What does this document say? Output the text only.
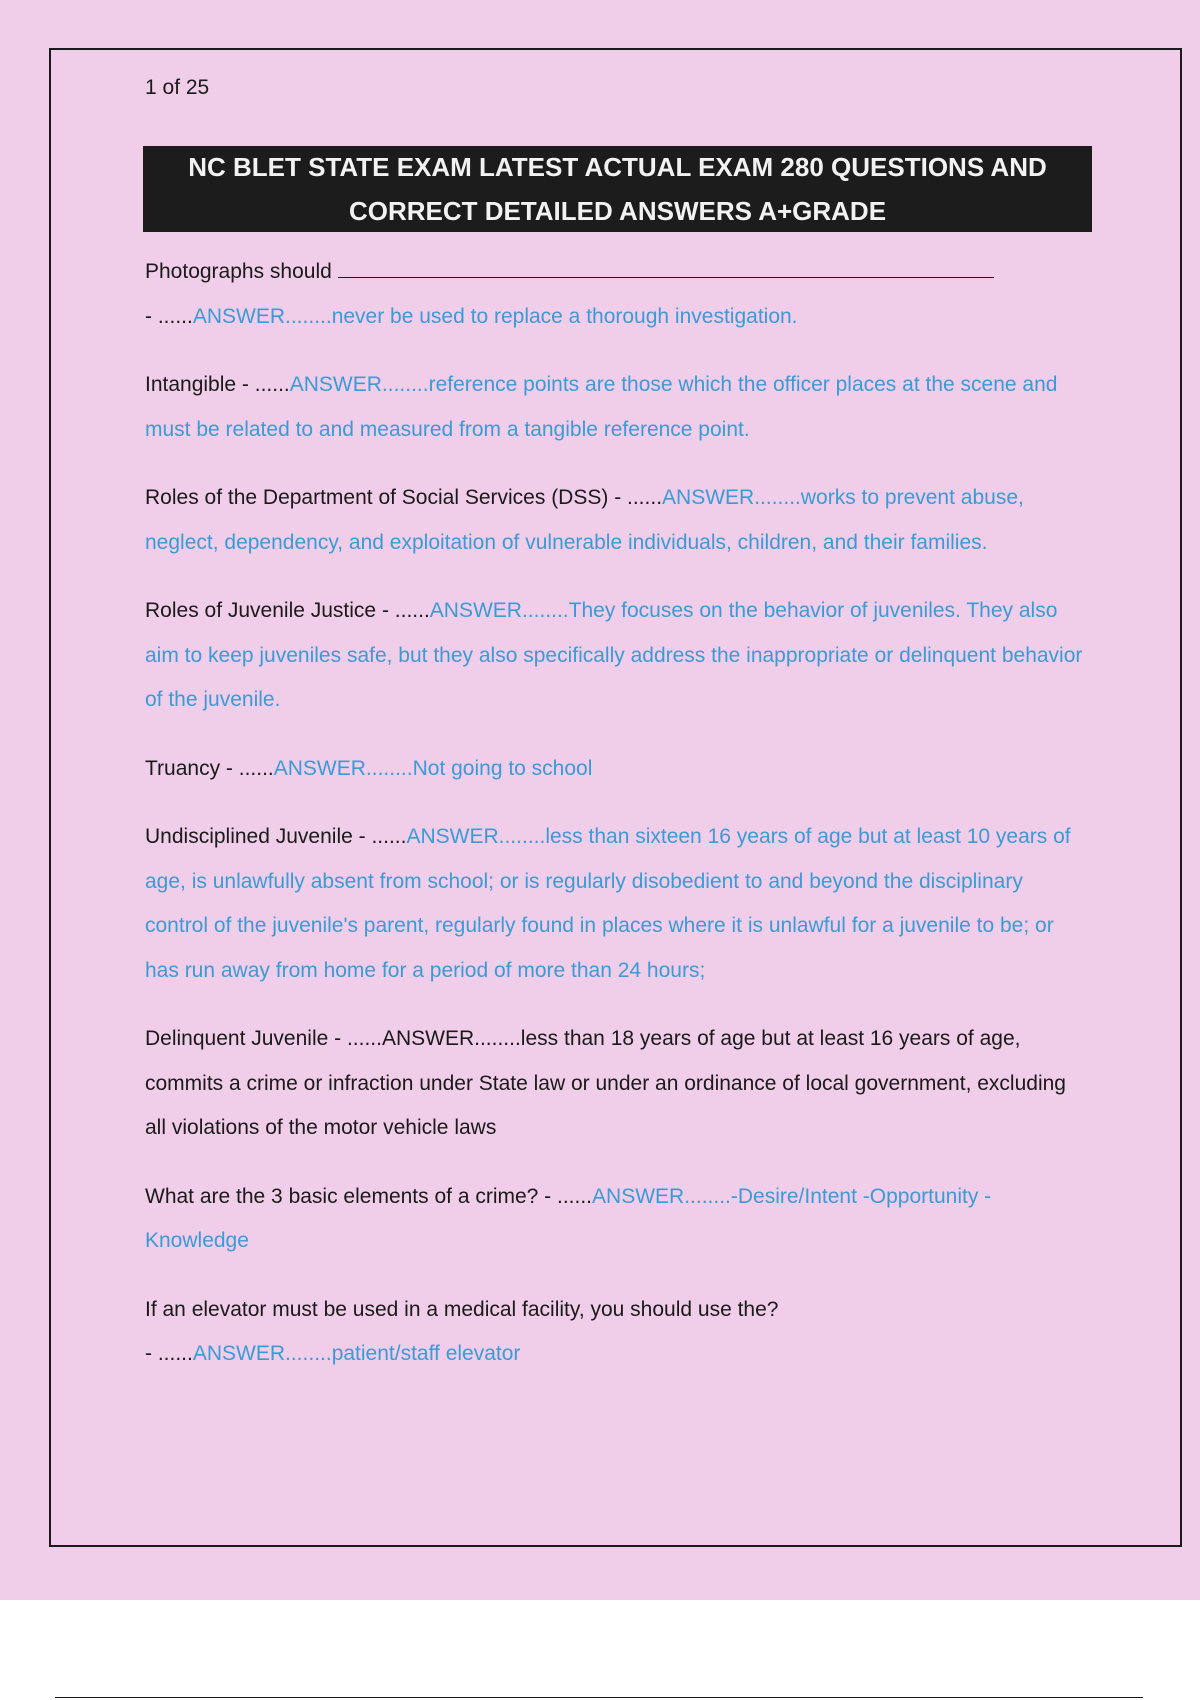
1 of 25
NC BLET STATE EXAM LATEST ACTUAL EXAM 280 QUESTIONS AND
CORRECT DETAILED ANSWERS A+GRADE
Photographs should
- ......ANSWER........never be used to replace a thorough investigation.
Intangible - ......ANSWER........reference points are those which the officer places at the scene and must be related to and measured from a tangible reference point.
Roles of the Department of Social Services (DSS) - ......ANSWER........works to prevent abuse, neglect, dependency, and exploitation of vulnerable individuals, children, and their families.
Roles of Juvenile Justice - ......ANSWER........They focuses on the behavior of juveniles. They also aim to keep juveniles safe, but they also specifically address the inappropriate or delinquent behavior of the juvenile.
Truancy - ......ANSWER........Not going to school
Undisciplined Juvenile - ......ANSWER........less than sixteen 16 years of age but at least 10 years of age, is unlawfully absent from school; or is regularly disobedient to and beyond the disciplinary control of the juvenile's parent, regularly found in places where it is unlawful for a juvenile to be; or has run away from home for a period of more than 24 hours;
Delinquent Juvenile - ......ANSWER........less than 18 years of age but at least 16 years of age, commits a crime or infraction under State law or under an ordinance of local government, excluding all violations of the motor vehicle laws
What are the 3 basic elements of a crime? - ......ANSWER........-Desire/Intent -Opportunity -Knowledge
If an elevator must be used in a medical facility, you should use the?
- ......ANSWER........patient/staff elevator
